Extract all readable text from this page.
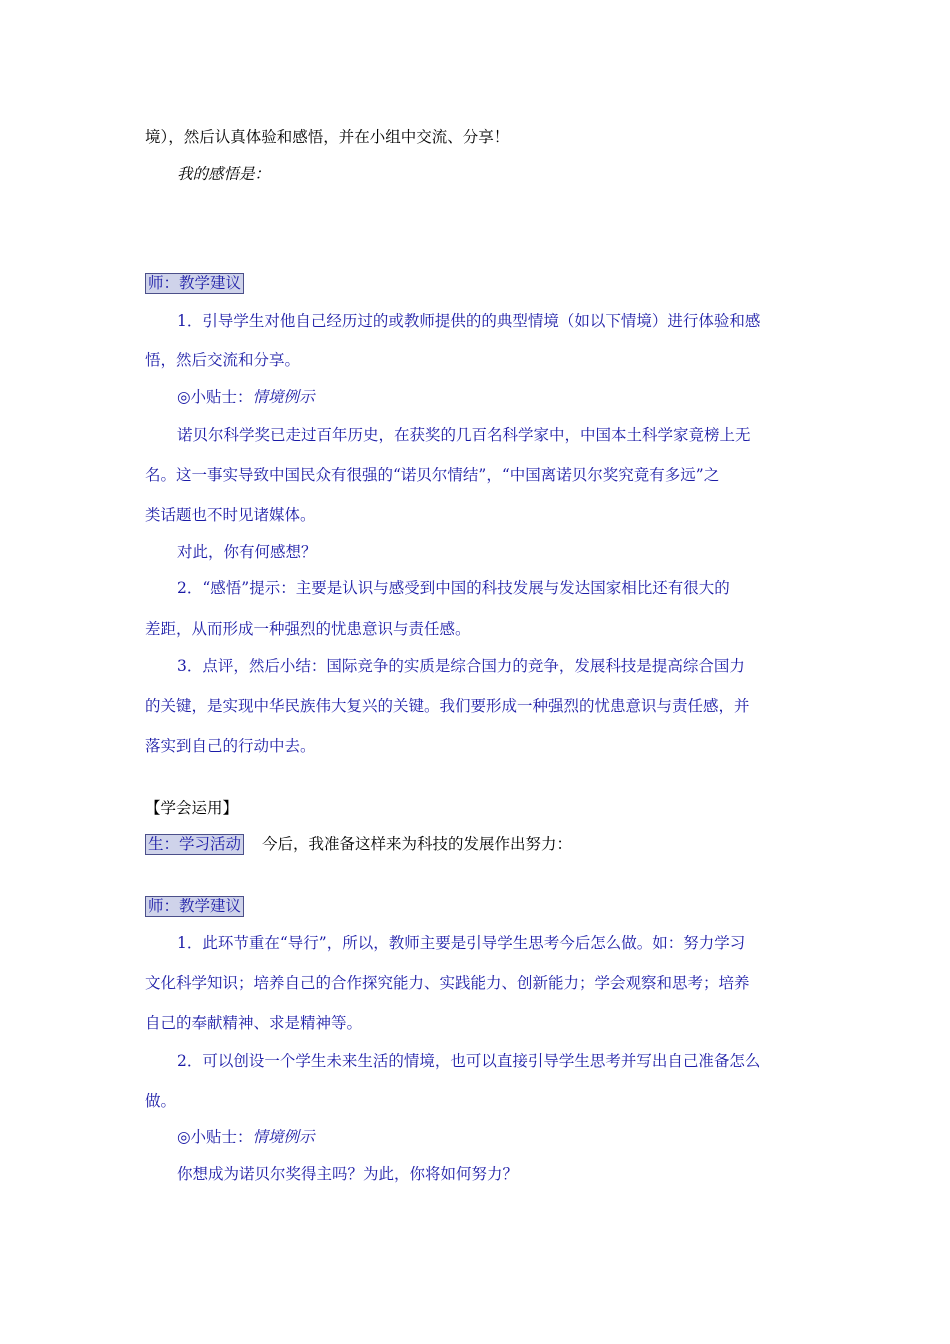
境），然后认真体验和感悟，并在小组中交流、分享！
我的感悟是：
师：教学建议
1．引导学生对他自己经历过的或教师提供的的典型情境（如以下情境）进行体验和感
悟，然后交流和分享。
◎小贴士：情境例示
诺贝尔科学奖已走过百年历史，在获奖的几百名科学家中，中国本土科学家竟榜上无
名。这一事实导致中国民众有很强的“诺贝尔情结”，“中国离诺贝尔奖究竟有多远”之
类话题也不时见诸媒体。
对此，你有何感想？
2．“感悟”提示：主要是认识与感受到中国的科技发展与发达国家相比还有很大的
差距，从而形成一种强烈的忧患意识与责任感。
3．点评，然后小结：国际竞争的实质是综合国力的竞争，发展科技是提高综合国力
的关键，是实现中华民族伟大复兴的关键。我们要形成一种强烈的忧患意识与责任感，并
落实到自己的行动中去。
【学会运用】
生：学习活动 今后，我准备这样来为科技的发展作出努力：
师：教学建议
1．此环节重在“导行”，所以，教师主要是引导学生思考今后怎么做。如：努力学习
文化科学知识；培养自己的合作探究能力、实践能力、创新能力；学会观察和思考；培养
自己的奉献精神、求是精神等。
2．可以创设一个学生未来生活的情境，也可以直接引导学生思考并写出自己准备怎么
做。
◎小贴士：情境例示
你想成为诺贝尔奖得主吗？为此，你将如何努力？
